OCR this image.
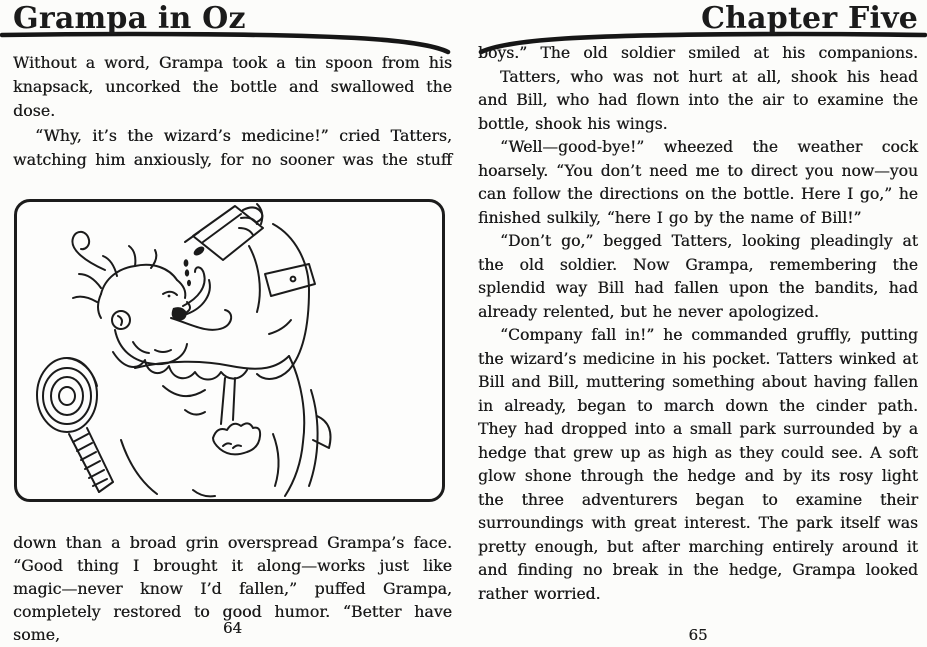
Grampa in Oz	Chapter Five

Without a word, Grampa took a tin spoon from his knapsack, uncorked the bottle and swallowed the dose.

“Why, it’s the wizard’s medicine!” cried Tatters, watching him anxiously, for no sooner was the stuff

down than a broad grin overspread Grampa’s face. “Good thing I brought it along—works just like magic—never know I’d fallen,” puffed Grampa, completely restored to good humor. “Better have some,	64

boys.” The old soldier smiled at his companions.

Tatters, who was not hurt at all, shook his head and Bill, who had flown into the air to examine the bottle, shook his wings.

“Well—good-bye!” wheezed the weather cock hoarsely. “You don’t need me to direct you now—you can follow the directions on the bottle. Here I go,” he finished sulkily, “here I go by the name of Bill!”

“Don’t go,” begged Tatters, looking pleadingly at the old soldier. Now Grampa, remembering the splendid way Bill had fallen upon the bandits, had already relented, but he never apologized.

“Company fall in!” he commanded gruffly, putting the wizard’s medicine in his pocket. Tatters winked at Bill and Bill, muttering something about having fallen in already, began to march down the cinder path. They had dropped into a small park surrounded by a hedge that grew up as high as they could see. A soft glow shone through the hedge and by its rosy light the three adventurers began to examine their surroundings with great interest. The park itself was pretty enough, but after marching entirely around it and finding no break in the hedge, Grampa looked rather worried.

65
